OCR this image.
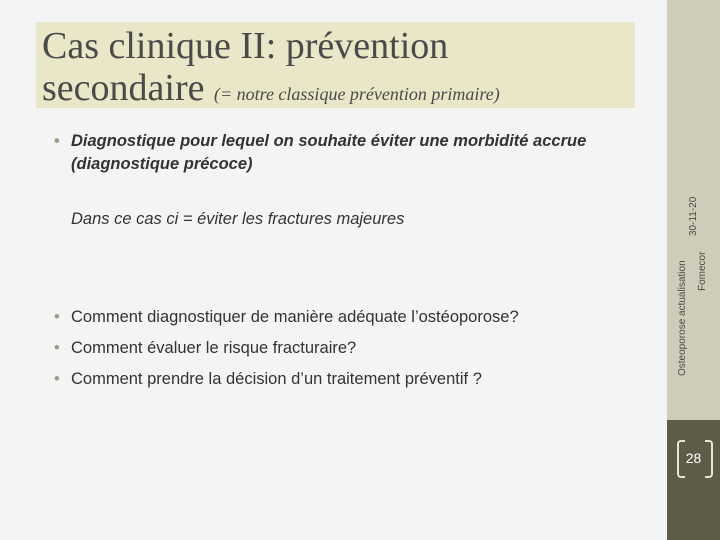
Cas clinique II: prévention
secondaire (= notre classique prévention primaire)
• Diagnostique pour lequel on souhaite éviter une morbidité accrue (diagnostique précoce)
Dans ce cas ci = éviter les fractures majeures
• Comment diagnostiquer de manière adéquate l’ostéoporose?
• Comment évaluer le risque fracturaire?
• Comment prendre la décision d’un traitement préventif ?
30-11-20
Osteoporose actualisation Fomecor
28
